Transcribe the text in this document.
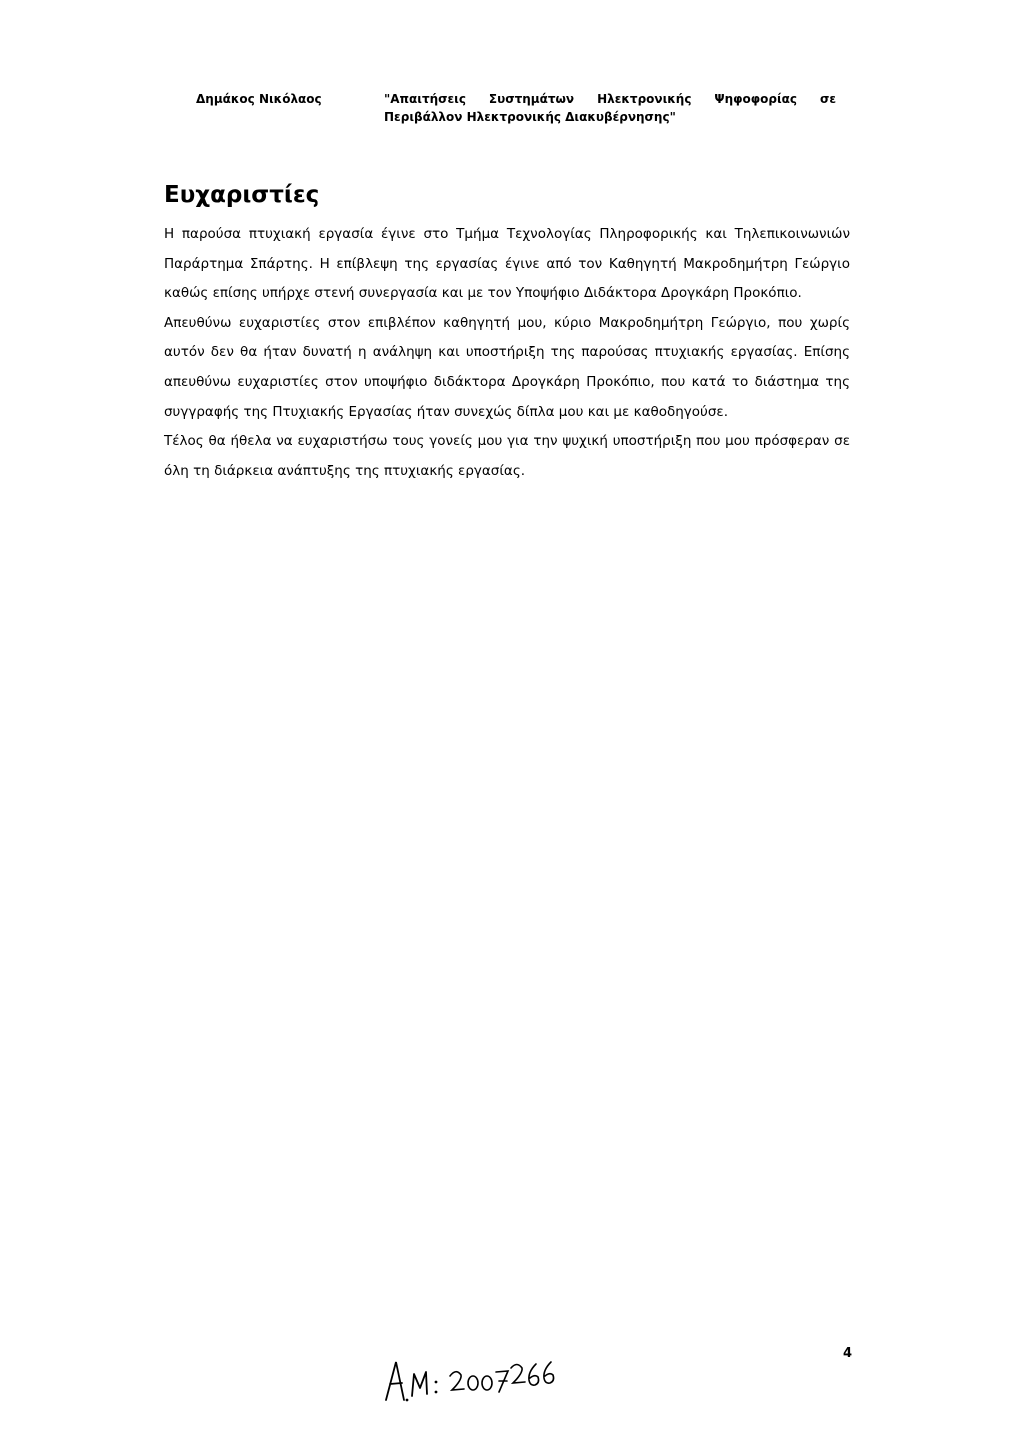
Δημάκος Νικόλαος	"Απαιτήσεις Συστημάτων Ηλεκτρονικής Ψηφοφορίας σε Περιβάλλον Ηλεκτρονικής Διακυβέρνησης"
Ευχαριστίες

Η παρούσα πτυχιακή εργασία έγινε στο Τμήμα Τεχνολογίας Πληροφορικής και Τηλεπικοινωνιών Παράρτημα Σπάρτης. Η επίβλεψη της εργασίας έγινε από τον Καθηγητή Μακροδημήτρη Γεώργιο καθώς επίσης υπήρχε στενή συνεργασία και με τον Υποψήφιο Διδάκτορα Δρογκάρη Προκόπιο.

Απευθύνω ευχαριστίες στον επιβλέπον καθηγητή μου, κύριο Μακροδημήτρη Γεώργιο, που χωρίς αυτόν δεν θα ήταν δυνατή η ανάληψη και υποστήριξη της παρούσας πτυχιακής εργασίας. Επίσης απευθύνω ευχαριστίες στον υποψήφιο διδάκτορα Δρογκάρη Προκόπιο, που κατά το διάστημα της συγγραφής της Πτυχιακής Εργασίας ήταν συνεχώς δίπλα μου και με καθοδηγούσε.

Τέλος θα ήθελα να ευχαριστήσω τους γονείς μου για την ψυχική υποστήριξη που μου πρόσφεραν σε όλη τη διάρκεια ανάπτυξης της πτυχιακής εργασίας.

4
